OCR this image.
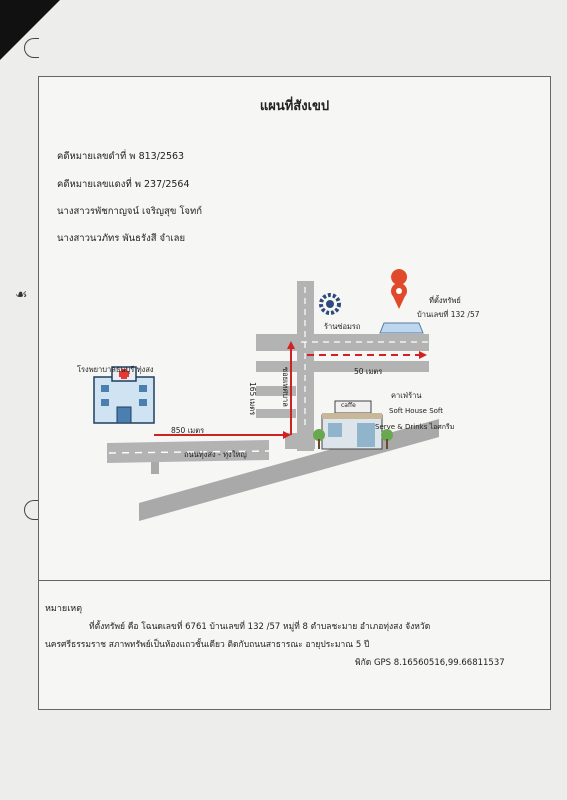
☙
แผนที่สังเขป
คดีหมายเลขดำที่ พ 813/2563
คดีหมายเลขแดงที่ พ 237/2564
นางสาวรพัชกาญจน์ เจริญสุข โจทก์
นางสาวนวภัทร พันธรังสี จำเลย
ร้านซ่อมรถ
ที่ตั้งทรัพย์
บ้านเลขที่ 132 /57
50 เมตร
โรงพยาบาลธนบุรี ทุ่งสง
165 เมตร	ซอยเทศบาล
850 เมตร
ถนนทุ่งสง - ทุ่งใหญ่
คาเฟ่ร้าน
Soft House Soft
Serve & Drinks ไอศกรีม
caffe
หมายเหตุ
ที่ตั้งทรัพย์ คือ โฉนดเลขที่ 6761 บ้านเลขที่ 132 /57 หมู่ที่ 8 ตำบลชะมาย อำเภอทุ่งสง จังหวัด
นครศรีธรรมราช สภาพทรัพย์เป็นห้องแถวชั้นเดียว ติดกับถนนสาธารณะ อายุประมาณ 5 ปี
พิกัด GPS 8.16560516,99.66811537
